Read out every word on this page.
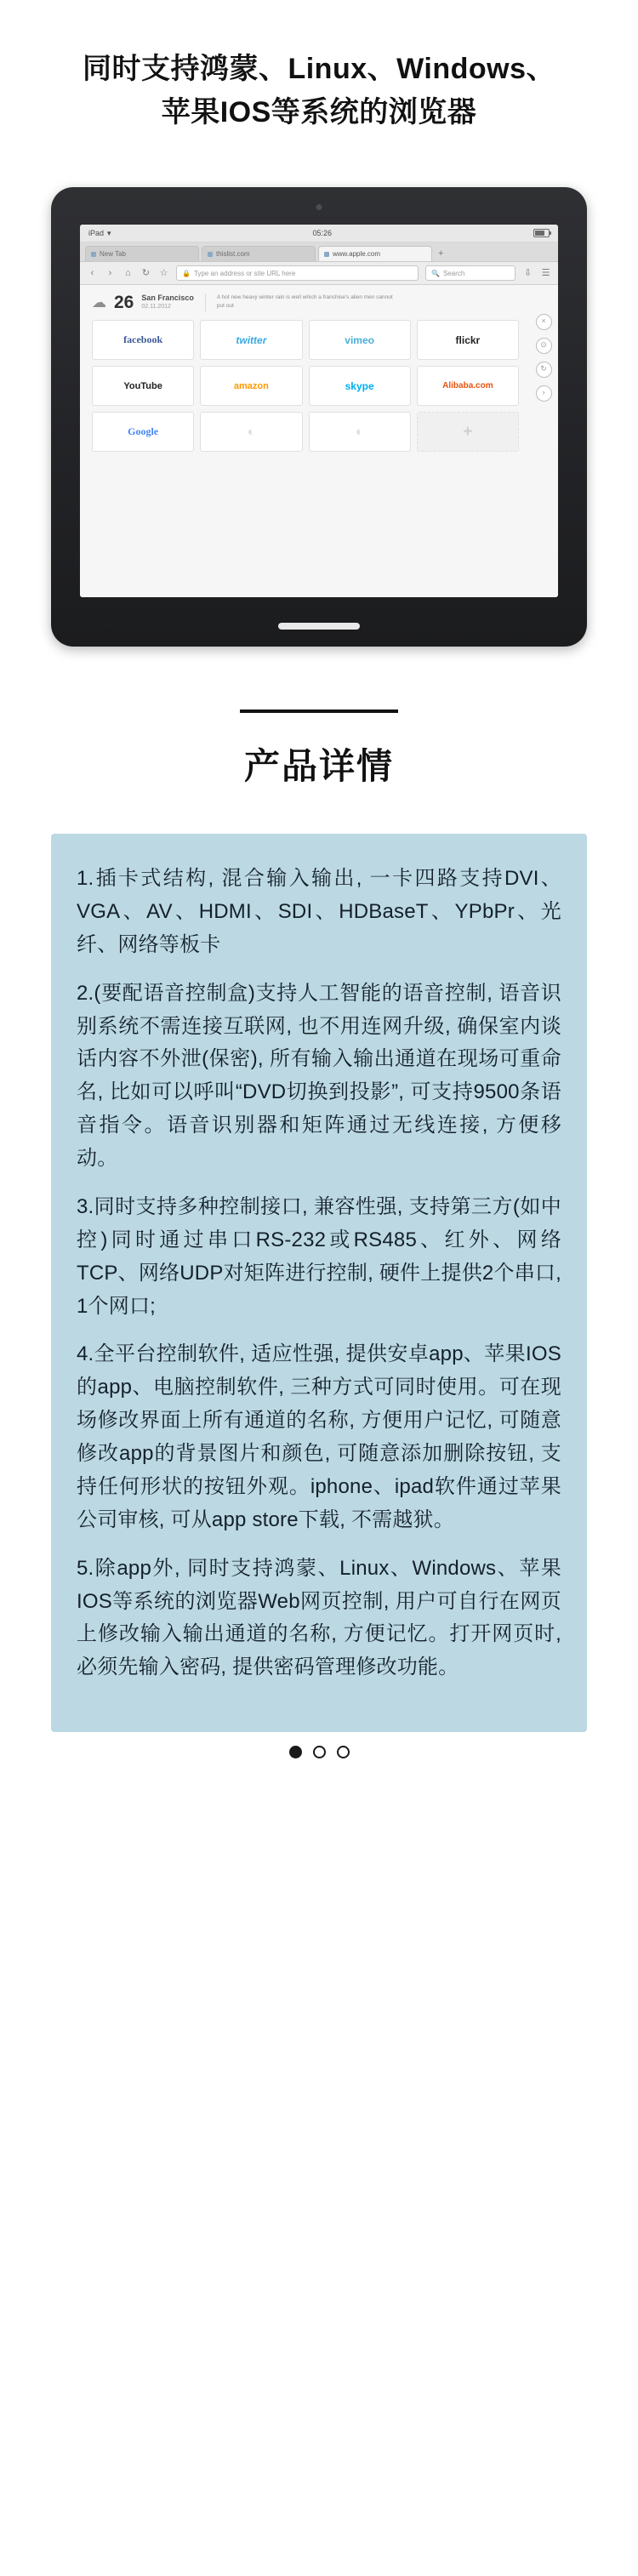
同时支持鸿蒙、Linux、Windows、
苹果IOS等系统的浏览器
iPad ▾	05:26
New Tab	thislist.com	www.apple.com	+
‹	›	⌂ ↻ ☆ 🔒 Type an address or site URL here	🔍 Search	⇩ ☰
☁ 26 San Francisco
02.11.2012
A hot new heavy winter rain is well which a franchise's alien men cannot put out
facebook	twitter	vimeo	flickr
YouTube	amazon	skype	Alibaba.com
Google	◐	◐	+
×
⊙
↻
›
产品详情

1.插卡式结构, 混合输入输出, 一卡四路支持DVI、VGA、AV、HDMI、SDI、HDBaseT、YPbPr、光纤、网络等板卡

2.(要配语音控制盒)支持人工智能的语音控制, 语音识别系统不需连接互联网, 也不用连网升级, 确保室内谈话内容不外泄(保密), 所有输入输出通道在现场可重命名, 比如可以呼叫“DVD切换到投影”, 可支持9500条语音指令。语音识别器和矩阵通过无线连接, 方便移动。

3.同时支持多种控制接口, 兼容性强, 支持第三方(如中控)同时通过串口RS-232或RS485、红外、网络TCP、网络UDP对矩阵进行控制, 硬件上提供2个串口, 1个网口;

4.全平台控制软件, 适应性强, 提供安卓app、苹果IOS的app、电脑控制软件, 三种方式可同时使用。可在现场修改界面上所有通道的名称, 方便用户记忆, 可随意修改app的背景图片和颜色, 可随意添加删除按钮, 支持任何形状的按钮外观。iphone、ipad软件通过苹果公司审核, 可从app store下载, 不需越狱。

5.除app外, 同时支持鸿蒙、Linux、Windows、苹果IOS等系统的浏览器Web网页控制, 用户可自行在网页上修改输入输出通道的名称, 方便记忆。打开网页时, 必须先输入密码, 提供密码管理修改功能。
